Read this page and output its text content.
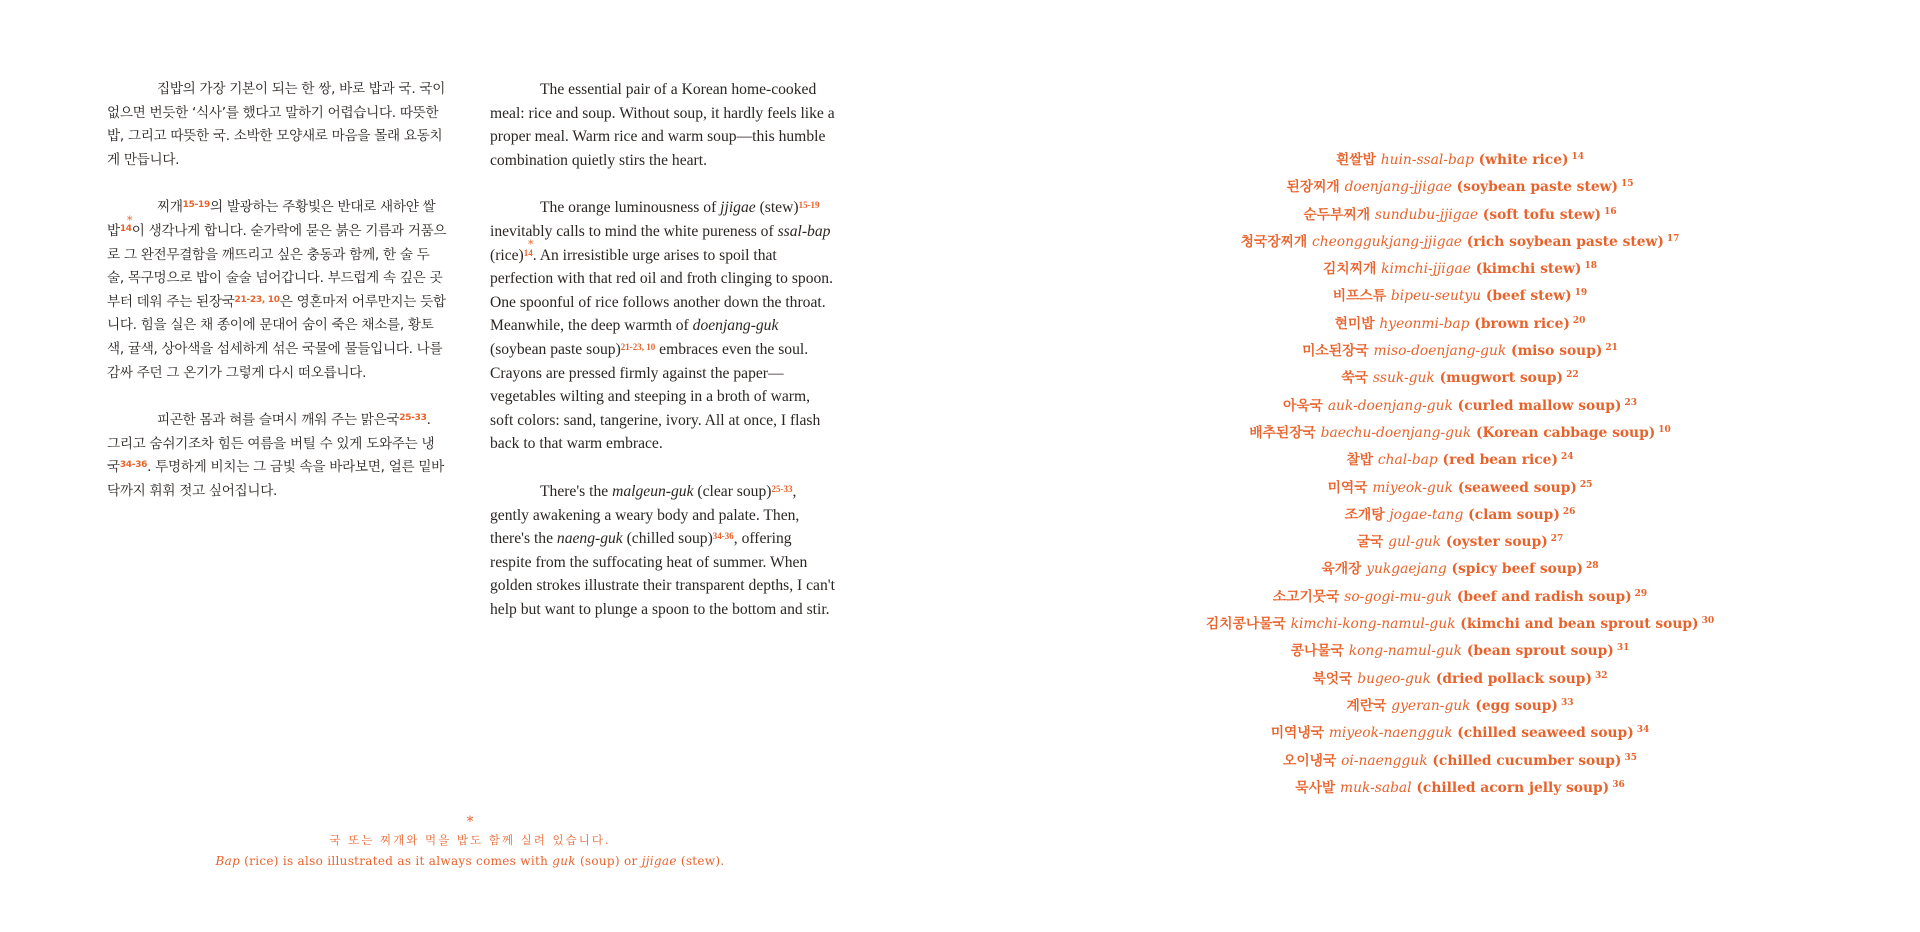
집밥의 가장 기본이 되는 한 쌍, 바로 밥과 국. 국이 없으면 번듯한 ‘식사’를 했다고 말하기 어렵습니다. 따뜻한 밥, 그리고 따뜻한 국. 소박한 모양새로 마음을 몰래 요동치게 만듭니다.

찌개$^{15-19}$의 발광하는 주황빛은 반대로 새하얀 쌀밥$^{14}$이 생각나게 합니다. 숟가락에 묻은 붉은 기름과 거품으로 그 완전무결함을 깨뜨리고 싶은 충동과 함께, 한 술 두 술, 목구멍으로 밥이 술술 넘어갑니다. 부드럽게 속 깊은 곳부터 데워 주는 된장국$^{21-23, 10}$은 영혼마저 어루만지는 듯합니다. 힘을 실은 채 종이에 문대어 숨이 죽은 채소를, 황토색, 귤색, 상아색을 섬세하게 섞은 국물에 물들입니다. 나를 감싸 주던 그 온기가 그렇게 다시 떠오릅니다.

피곤한 몸과 혀를 슬며시 깨워 주는 맑은국$^{25-33}$. 그리고 숨쉬기조차 힘든 여름을 버틸 수 있게 도와주는 냉국$^{34-36}$. 투명하게 비치는 그 금빛 속을 바라보면, 얼른 밑바닥까지 휘휘 젓고 싶어집니다.

*
*

The essential pair of a Korean home-cooked meal: rice and soup. Without soup, it hardly feels like a proper meal. Warm rice and warm soup—this humble combination quietly stirs the heart.

The orange luminousness of jjigae (stew)$^{15-19}$ inevitably calls to mind the white pureness of ssal-bap (rice)$^{14}$. An irresistible urge arises to spoil that perfection with that red oil and froth clinging to spoon. One spoonful of rice follows another down the throat. Meanwhile, the deep warmth of doenjang-guk (soybean paste soup)$^{21-23, 10}$ embraces even the soul. Crayons are pressed firmly against the paper—vegetables wilting and steeping in a broth of warm, soft colors: sand, tangerine, ivory. All at once, I flash back to that warm embrace.

There's the malgeun-guk (clear soup)$^{25-33}$, gently awakening a weary body and palate. Then, there's the naeng-guk (chilled soup)$^{34-36}$, offering respite from the suffocating heat of summer. When golden strokes illustrate their transparent depths, I can't help but want to plunge a spoon to the bottom and stir.

*
국 또는 찌개와 먹을 밥도 함께 실려 있습니다.
Bap (rice) is also illustrated as it always comes with guk (soup) or jjigae (stew).
흰쌀밥 huin-ssal-bap (white rice) $^{14}$
된장찌개 doenjang-jjigae (soybean paste stew) $^{15}$
순두부찌개 sundubu-jjigae (soft tofu stew) $^{16}$
청국장찌개 cheonggukjang-jjigae (rich soybean paste stew) $^{17}$
김치찌개 kimchi-jjigae (kimchi stew) $^{18}$
비프스튜 bipeu-seutyu (beef stew) $^{19}$
현미밥 hyeonmi-bap (brown rice) $^{20}$
미소된장국 miso-doenjang-guk (miso soup) $^{21}$
쑥국 ssuk-guk (mugwort soup) $^{22}$
아욱국 auk-doenjang-guk (curled mallow soup) $^{23}$
배추된장국 baechu-doenjang-guk (Korean cabbage soup) $^{10}$
찰밥 chal-bap (red bean rice) $^{24}$
미역국 miyeok-guk (seaweed soup) $^{25}$
조개탕 jogae-tang (clam soup) $^{26}$
굴국 gul-guk (oyster soup) $^{27}$
육개장 yukgaejang (spicy beef soup) $^{28}$
소고기뭇국 so-gogi-mu-guk (beef and radish soup) $^{29}$
김치콩나물국 kimchi-kong-namul-guk (kimchi and bean sprout soup) $^{30}$
콩나물국 kong-namul-guk (bean sprout soup) $^{31}$
북엇국 bugeo-guk (dried pollack soup) $^{32}$
계란국 gyeran-guk (egg soup) $^{33}$
미역냉국 miyeok-naengguk (chilled seaweed soup) $^{34}$
오이냉국 oi-naengguk (chilled cucumber soup) $^{35}$
묵사발 muk-sabal (chilled acorn jelly soup) $^{36}$
